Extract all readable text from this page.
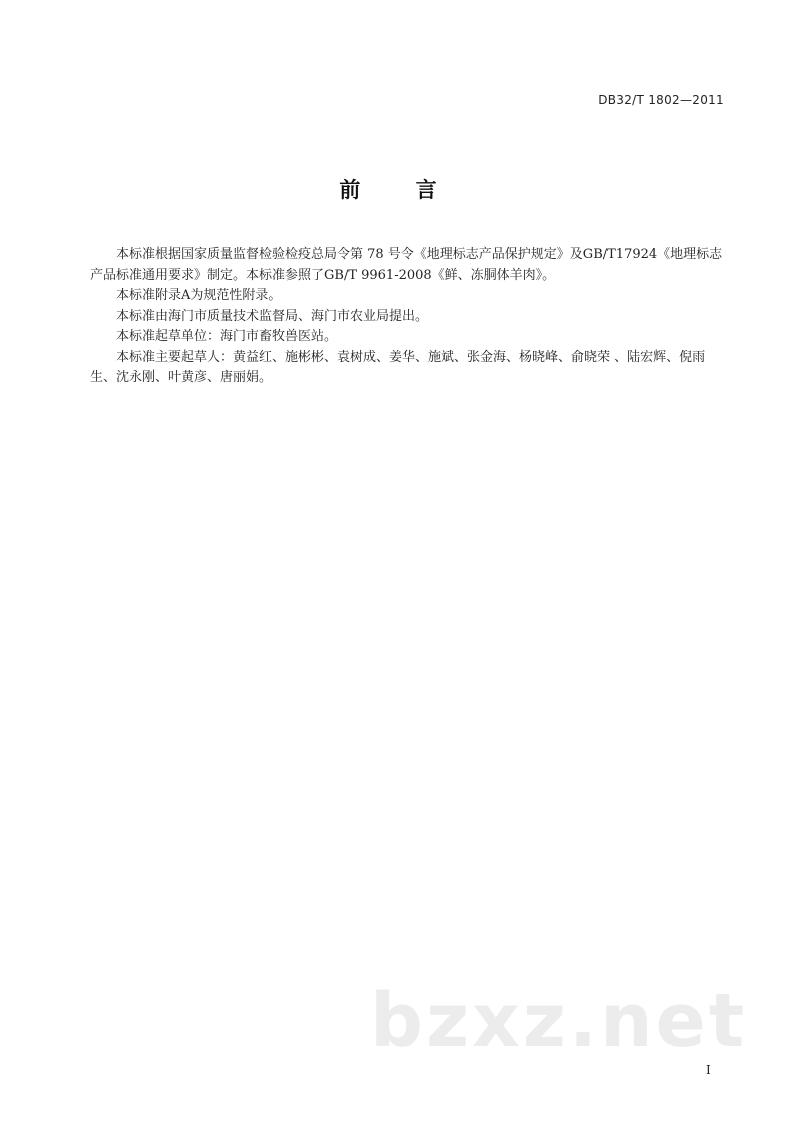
DB32/T 1802—2011
前 言

本标准根据国家质量监督检验检疫总局令第 78 号令《地理标志产品保护规定》及GB/T17924《地理标志产品标准通用要求》制定。本标准参照了GB/T 9961-2008《鲜、冻胴体羊肉》。

本标准附录A为规范性附录。

本标准由海门市质量技术监督局、海门市农业局提出。

本标准起草单位：海门市畜牧兽医站。

本标准主要起草人：黄益红、施彬彬、袁树成、姜华、施斌、张金海、杨晓峰、俞晓荣 、陆宏辉、倪雨生、沈永刚、叶黄彦、唐丽娟。

bzxz.net
I
